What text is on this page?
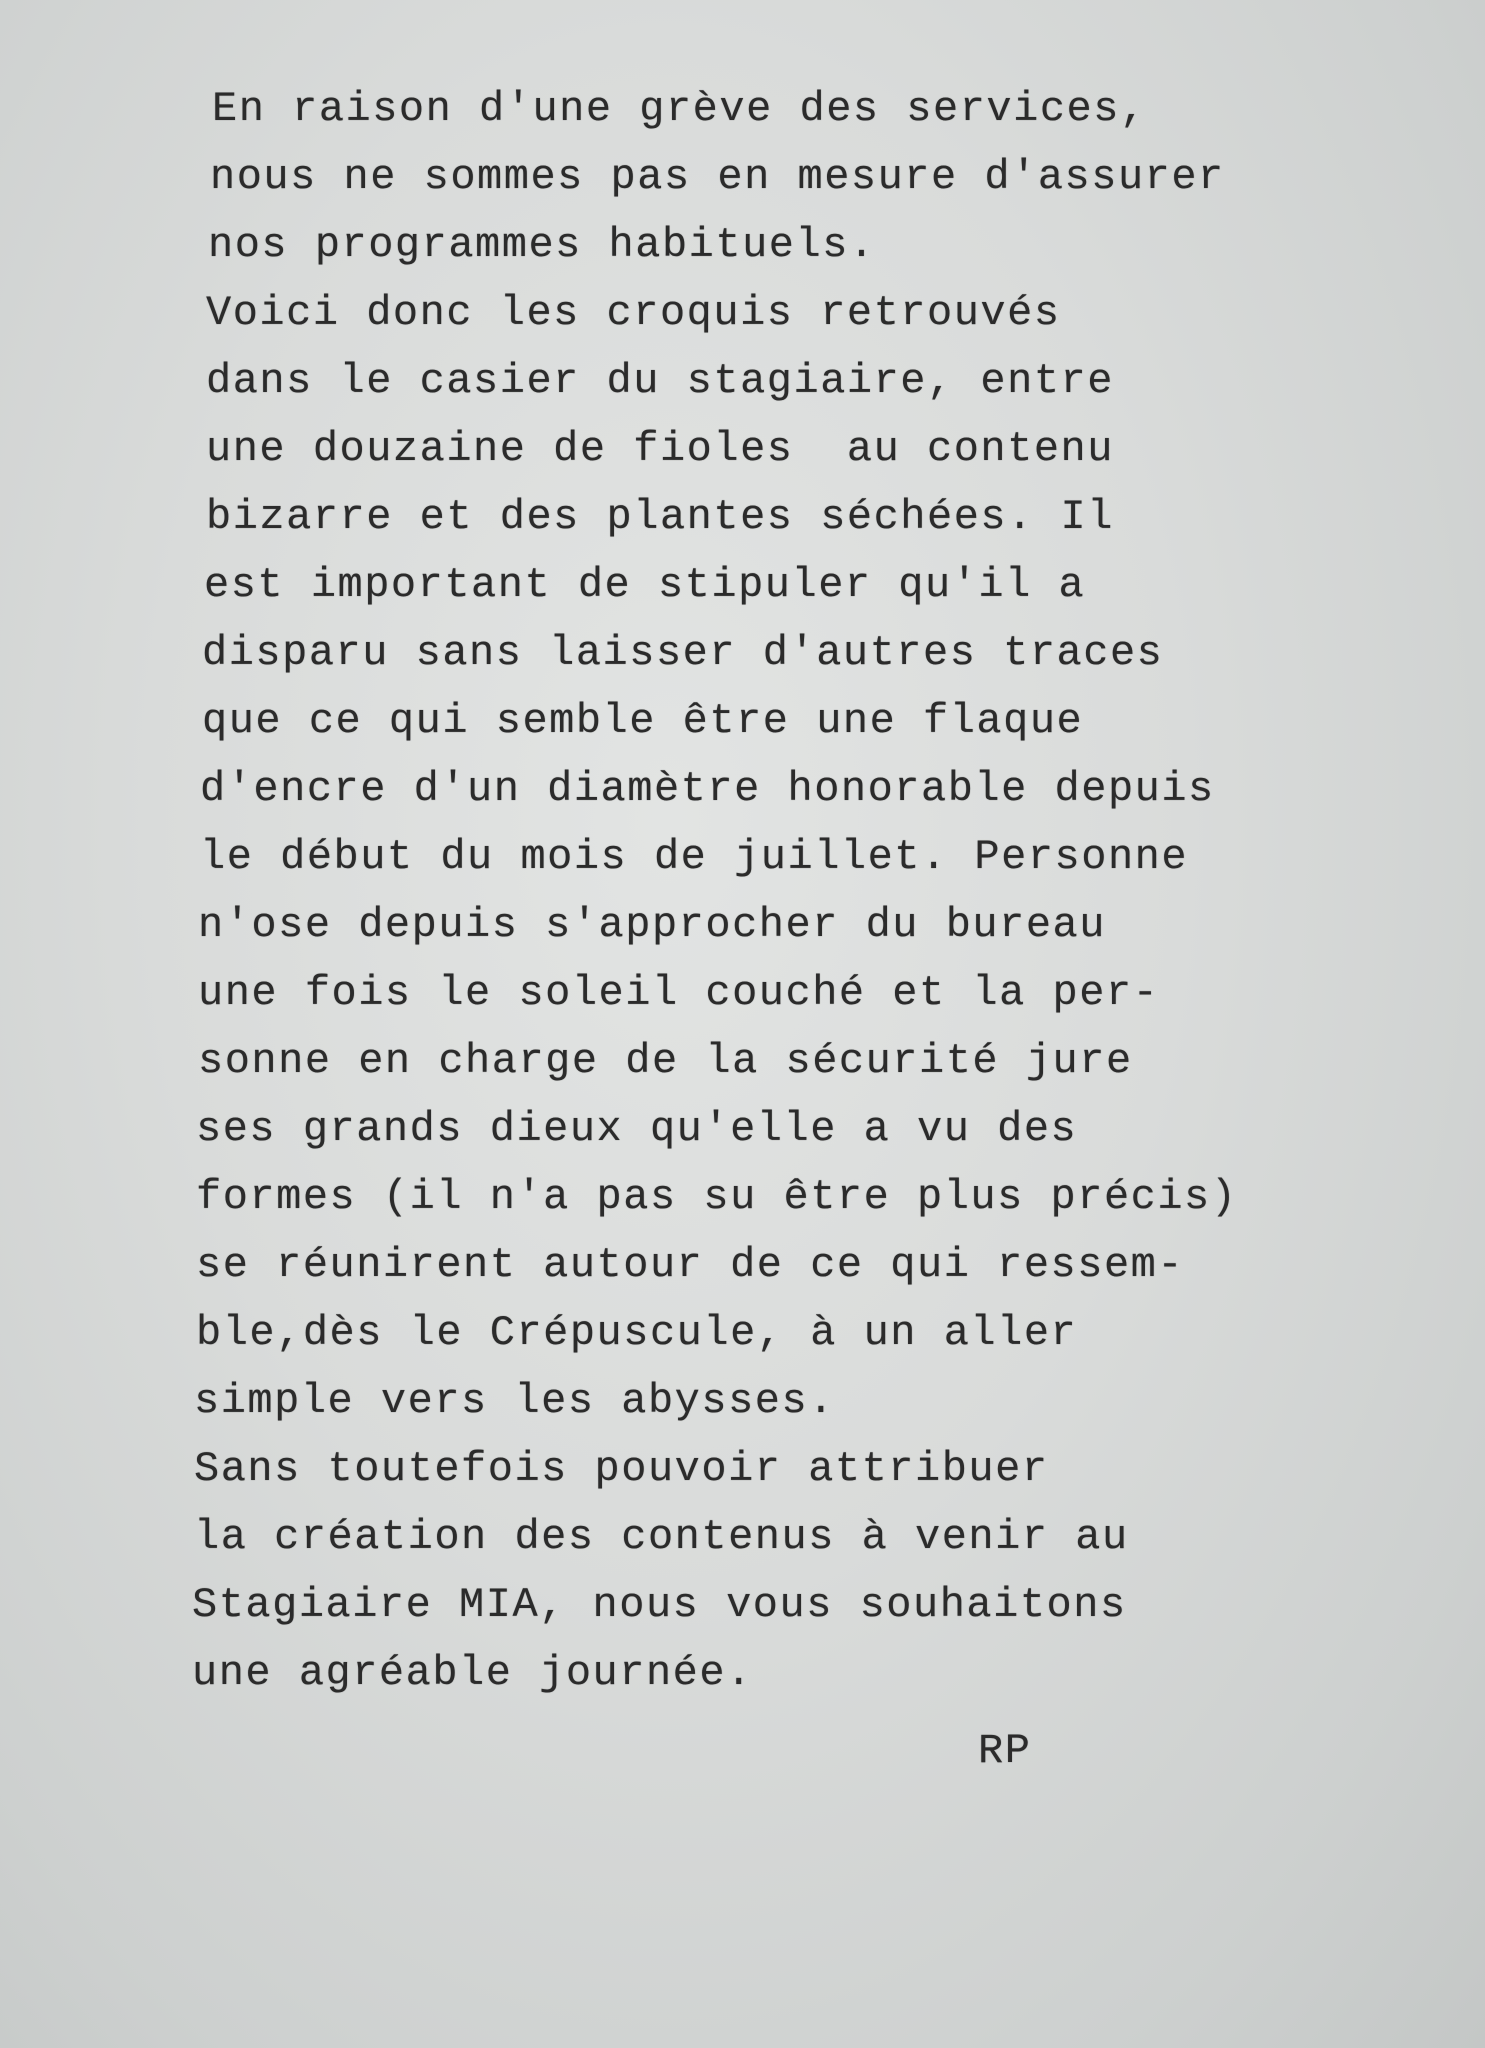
En raison d'une grève des services,
nous ne sommes pas en mesure d'assurer
nos programmes habituels.
Voici donc les croquis retrouvés
dans le casier du stagiaire, entre
une douzaine de fioles  au contenu
bizarre et des plantes séchées. Il
est important de stipuler qu'il a
disparu sans laisser d'autres traces
que ce qui semble être une flaque
d'encre d'un diamètre honorable depuis
le début du mois de juillet. Personne
n'ose depuis s'approcher du bureau
une fois le soleil couché et la per-
sonne en charge de la sécurité jure
ses grands dieux qu'elle a vu des
formes (il n'a pas su être plus précis)
se réunirent autour de ce qui ressem-
ble,dès le Crépuscule, à un aller
simple vers les abysses.
Sans toutefois pouvoir attribuer
la création des contenus à venir au
Stagiaire MIA, nous vous souhaitons
une agréable journée.
RP
